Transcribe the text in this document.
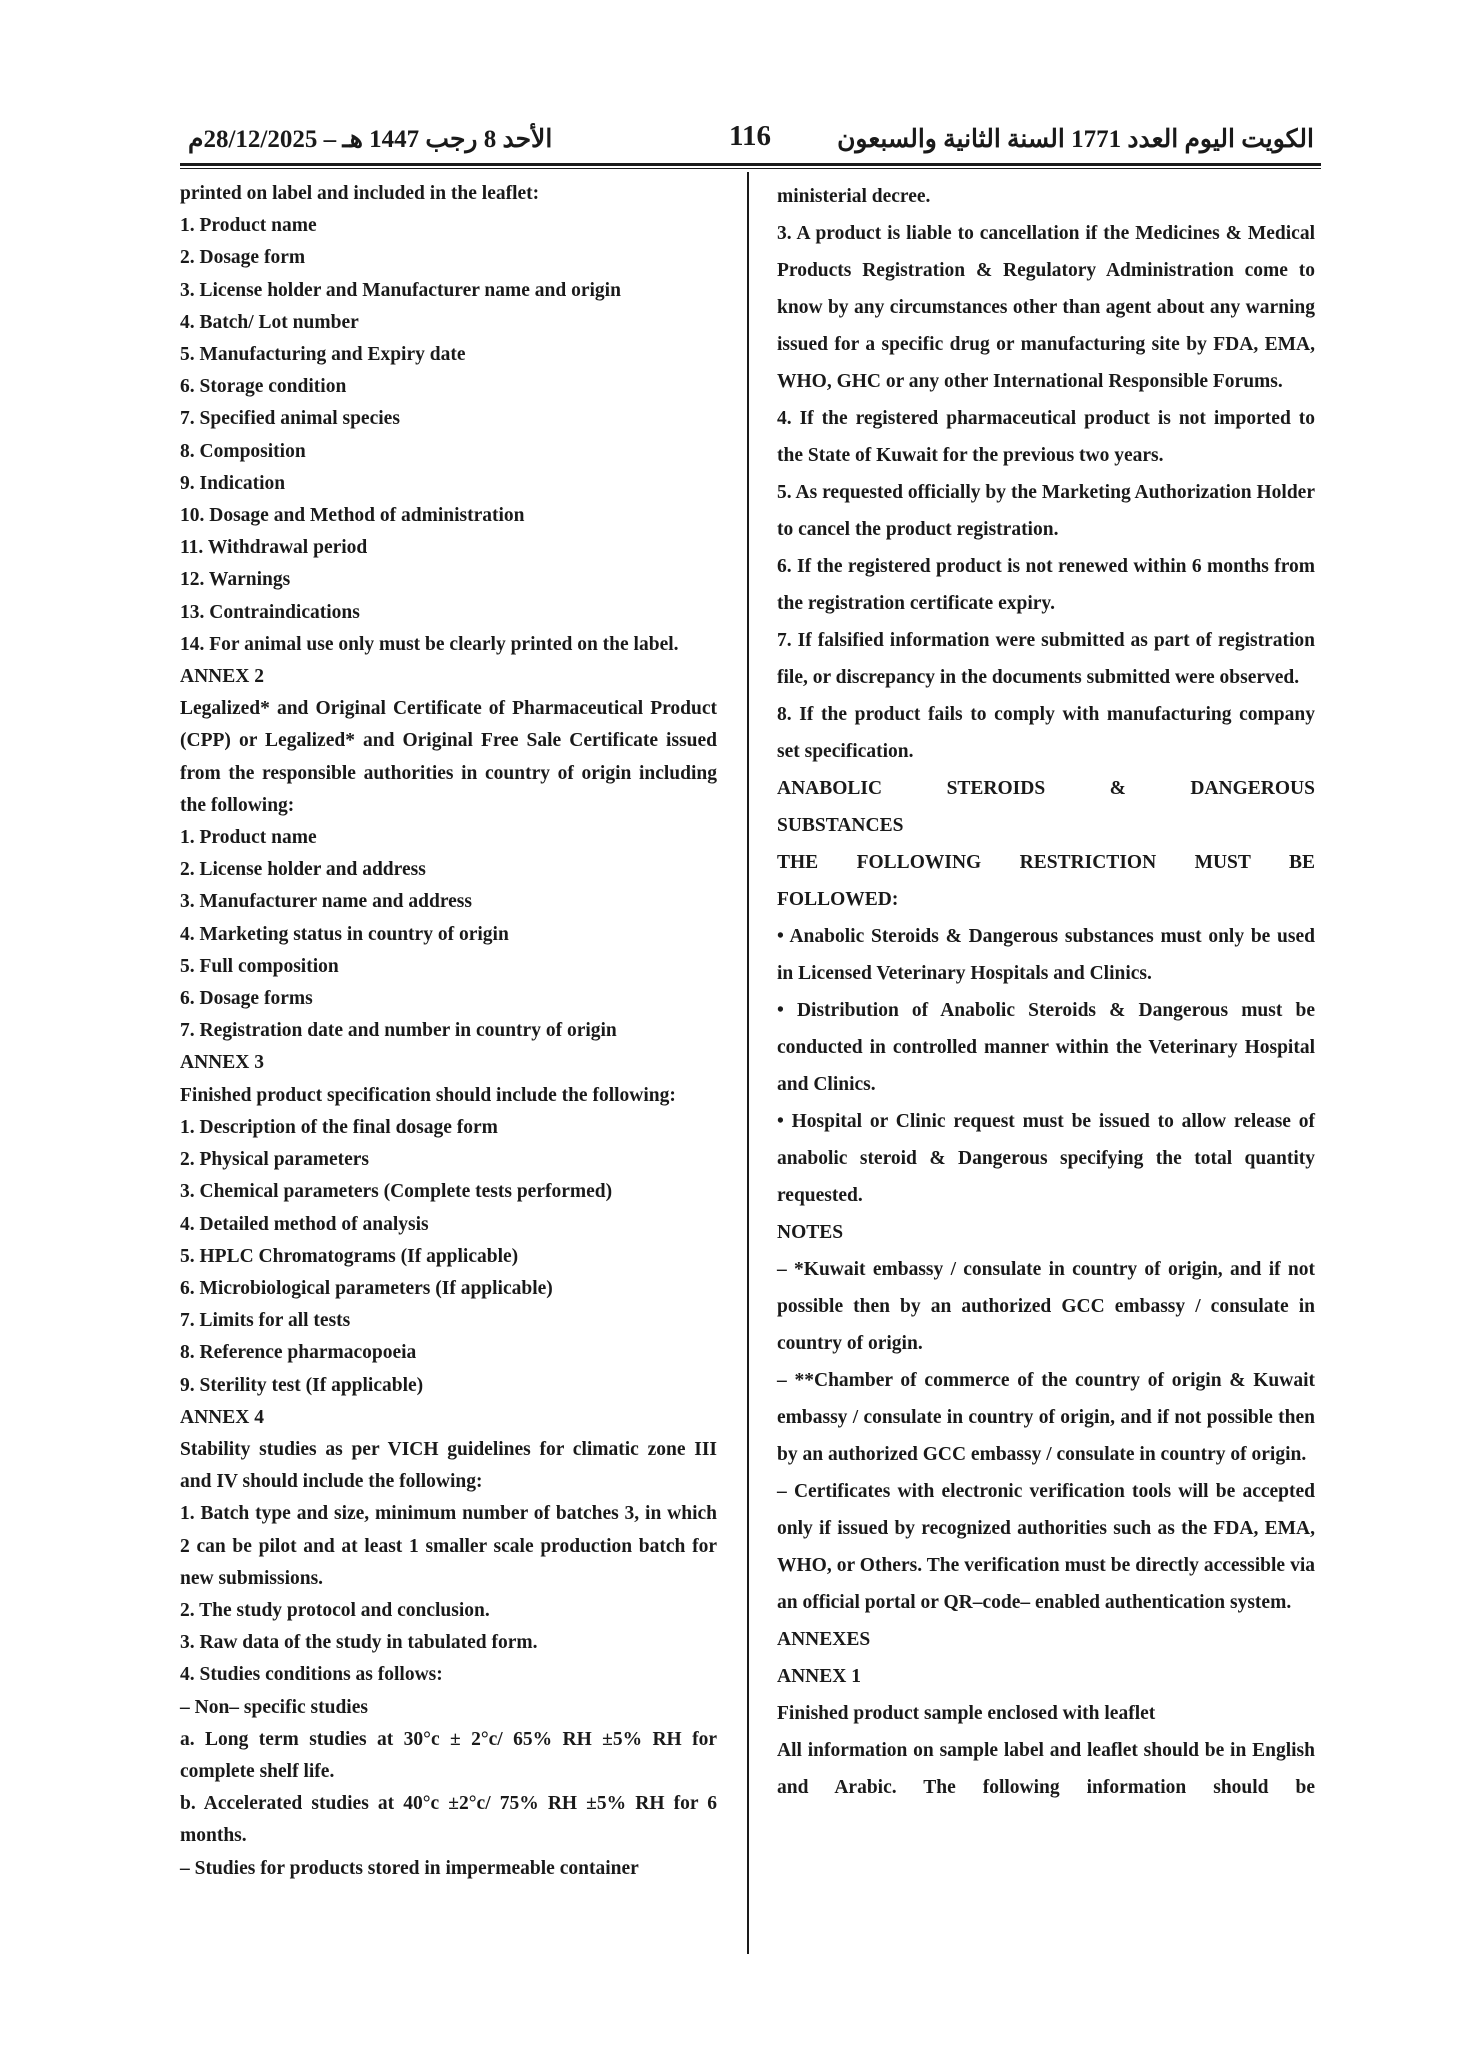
الأحد 8 رجب 1447 هـ – 28/12/2025م	116	الكويت اليوم العدد 1771 السنة الثانية والسبعون

printed on label and included in the leaflet:

1. Product name

2. Dosage form

3. License holder and Manufacturer name and origin

4. Batch/ Lot number

5. Manufacturing and Expiry date

6. Storage condition

7. Specified animal species

8. Composition

9. Indication

10. Dosage and Method of administration

11. Withdrawal period

12. Warnings

13. Contraindications

14. For animal use only must be clearly printed on the label.

ANNEX 2

Legalized* and Original Certificate of Pharmaceutical Product (CPP) or Legalized* and Original Free Sale Certificate issued from the responsible authorities in country of origin including the following:

1. Product name

2. License holder and address

3. Manufacturer name and address

4. Marketing status in country of origin

5. Full composition

6. Dosage forms

7. Registration date and number in country of origin

ANNEX 3

Finished product specification should include the following:

1. Description of the final dosage form

2. Physical parameters

3. Chemical parameters (Complete tests performed)

4. Detailed method of analysis

5. HPLC Chromatograms (If applicable)

6. Microbiological parameters (If applicable)

7. Limits for all tests

8. Reference pharmacopoeia

9. Sterility test (If applicable)

ANNEX 4

Stability studies as per VICH guidelines for climatic zone III and IV should include the following:

1. Batch type and size, minimum number of batches 3, in which 2 can be pilot and at least 1 smaller scale production batch for new submissions.

2. The study protocol and conclusion.

3. Raw data of the study in tabulated form.

4. Studies conditions as follows:

– Non– specific studies

a. Long term studies at 30°c ± 2°c/ 65% RH ±5% RH for complete shelf life.

b. Accelerated studies at 40°c ±2°c/ 75% RH ±5% RH for 6 months.

– Studies for products stored in impermeable container

ministerial decree.

3. A product is liable to cancellation if the Medicines & Medical Products Registration & Regulatory Administration come to know by any circumstances other than agent about any warning issued for a specific drug or manufacturing site by FDA, EMA, WHO, GHC or any other International Responsible Forums.

4. If the registered pharmaceutical product is not imported to the State of Kuwait for the previous two years.

5. As requested officially by the Marketing Authorization Holder to cancel the product registration.

6. If the registered product is not renewed within 6 months from the registration certificate expiry.

7. If falsified information were submitted as part of registration file, or discrepancy in the documents submitted were observed.

8. If the product fails to comply with manufacturing company set specification.

ANABOLIC STEROIDS & DANGEROUS

SUBSTANCES

THE FOLLOWING RESTRICTION MUST BE

FOLLOWED:

• Anabolic Steroids & Dangerous substances must only be used in Licensed Veterinary Hospitals and Clinics.

• Distribution of Anabolic Steroids & Dangerous must be conducted in controlled manner within the Veterinary Hospital and Clinics.

• Hospital or Clinic request must be issued to allow release of anabolic steroid & Dangerous specifying the total quantity requested.

NOTES

– *Kuwait embassy / consulate in country of origin, and if not possible then by an authorized GCC embassy / consulate in country of origin.

– **Chamber of commerce of the country of origin & Kuwait embassy / consulate in country of origin, and if not possible then by an authorized GCC embassy / consulate in country of origin.

– Certificates with electronic verification tools will be accepted only if issued by recognized authorities such as the FDA, EMA, WHO, or Others. The verification must be directly accessible via an official portal or QR–code– enabled authentication system.

ANNEXES

ANNEX 1

Finished product sample enclosed with leaflet

All information on sample label and leaflet should be in English and Arabic. The following information should be
